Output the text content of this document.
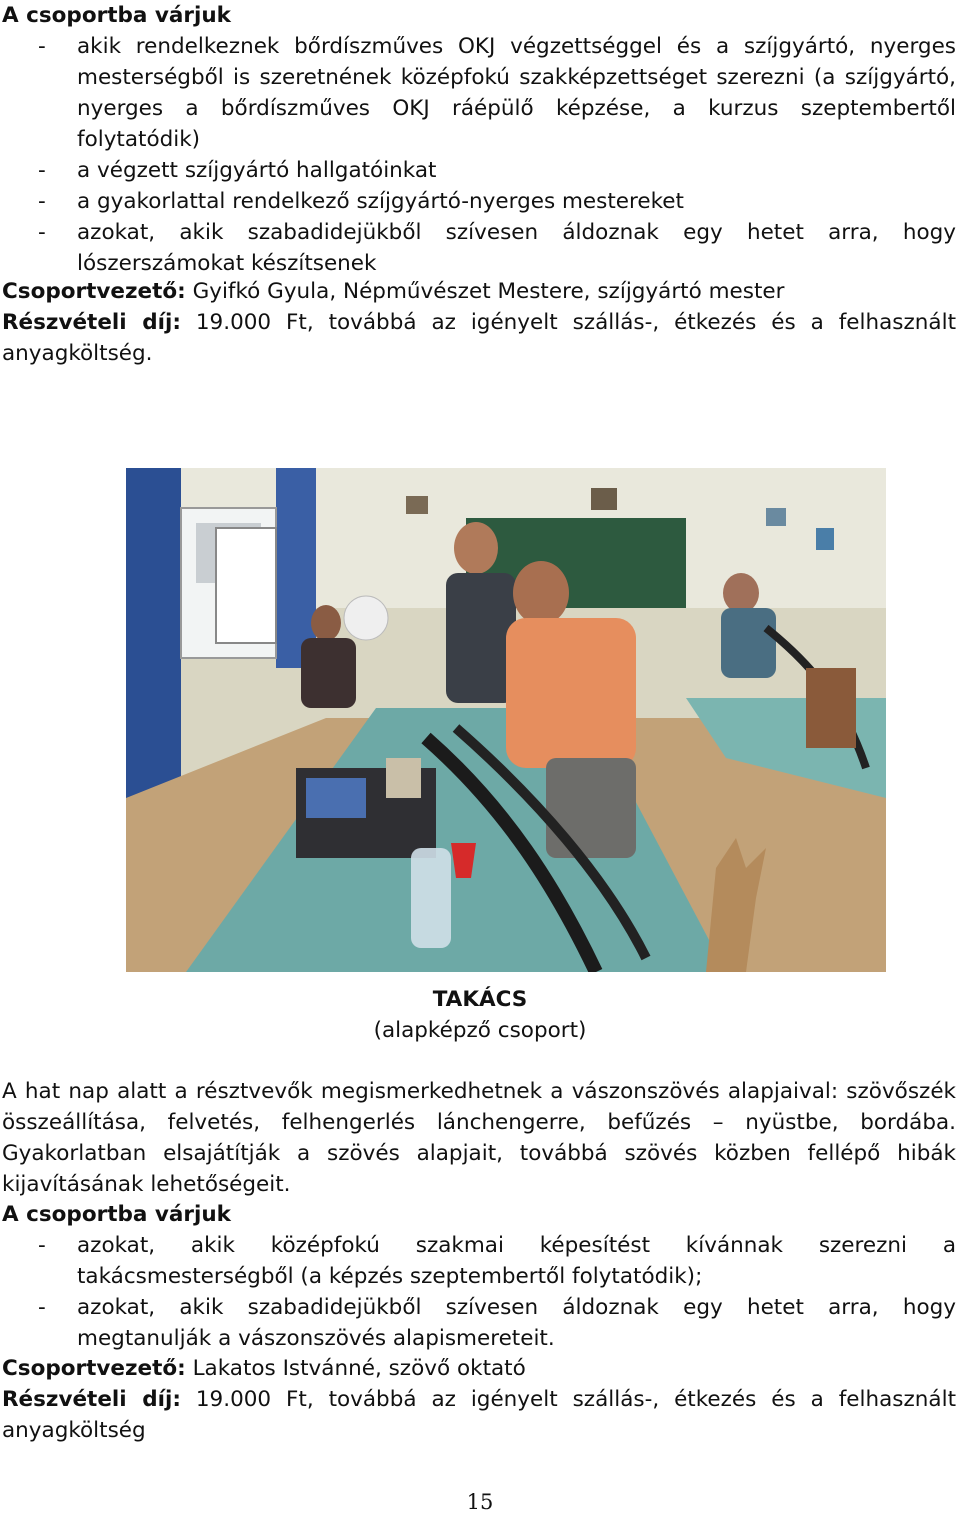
A csoportba várjuk
- akik rendelkeznek bőrdíszműves OKJ végzettséggel és a szíjgyártó, nyerges mesterségből is szeretnének középfokú szakképzettséget szerezni (a szíjgyártó, nyerges a bőrdíszműves OKJ ráépülő képzése, a kurzus szeptembertől folytatódik)
- a végzett szíjgyártó hallgatóinkat
- a gyakorlattal rendelkező szíjgyártó-nyerges mestereket
- azokat, akik szabadidejükből szívesen áldoznak egy hetet arra, hogy lószerszámokat készítsenek
Csoportvezető: Gyifkó Gyula, Népművészet Mestere, szíjgyártó mester
Részvételi díj: 19.000 Ft, továbbá az igényelt szállás-, étkezés és a felhasznált anyagköltség.
TAKÁCS
(alapképző csoport)
A hat nap alatt a résztvevők megismerkedhetnek a vászonszövés alapjaival: szövőszék összeállítása, felvetés, felhengerlés lánchengerre, befűzés – nyüstbe, bordába. Gyakorlatban elsajátítják a szövés alapjait, továbbá szövés közben fellépő hibák kijavításának lehetőségeit.
A csoportba várjuk
- azokat, akik középfokú szakmai képesítést kívánnak szerezni a takácsmesterségből (a képzés szeptembertől folytatódik);
- azokat, akik szabadidejükből szívesen áldoznak egy hetet arra, hogy megtanulják a vászonszövés alapismereteit.
Csoportvezető: Lakatos Istvánné, szövő oktató
Részvételi díj: 19.000 Ft, továbbá az igényelt szállás-, étkezés és a felhasznált anyagköltség
15
